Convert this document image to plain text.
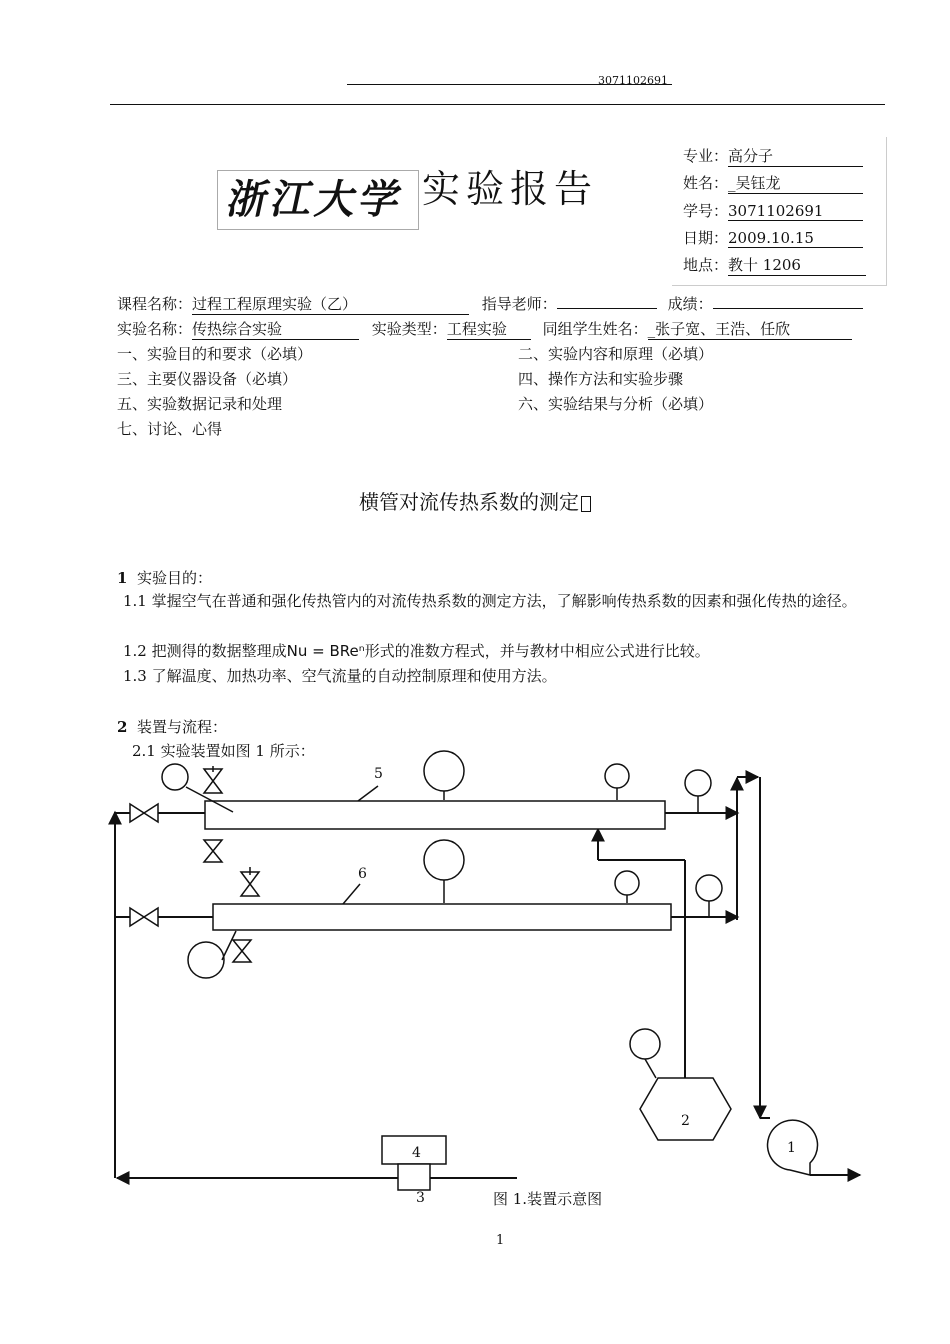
3071102691
浙江大学 实验报告
专业：高分子
姓名：_吴钰龙
学号：3071102691
日期：2009.10.15
地点：教十 1206
课程名称：过程工程原理实验（乙）	指导老师：	成绩：
实验名称：传热综合实验	实验类型：工程实验 同组学生姓名：_张子宽、王浩、任欣
一、实验目的和要求（必填）	二、实验内容和原理（必填）
三、主要仪器设备（必填）	四、操作方法和实验步骤
五、实验数据记录和处理	六、实验结果与分析（必填）
七、讨论、心得
横管对流传热系数的测定
1 实验目的：
1.1 掌握空气在普通和强化传热管内的对流传热系数的测定方法，了解影响传热系数的因素和强化传热的途径。
1.2 把测得的数据整理成Nu = BReⁿ形式的准数方程式，并与教材中相应公式进行比较。
1.3 了解温度、加热功率、空气流量的自动控制原理和使用方法。
2 装置与流程：
2.1 实验装置如图 1 所示：
5
6
2
1
4
3	图 1.装置示意图
1
